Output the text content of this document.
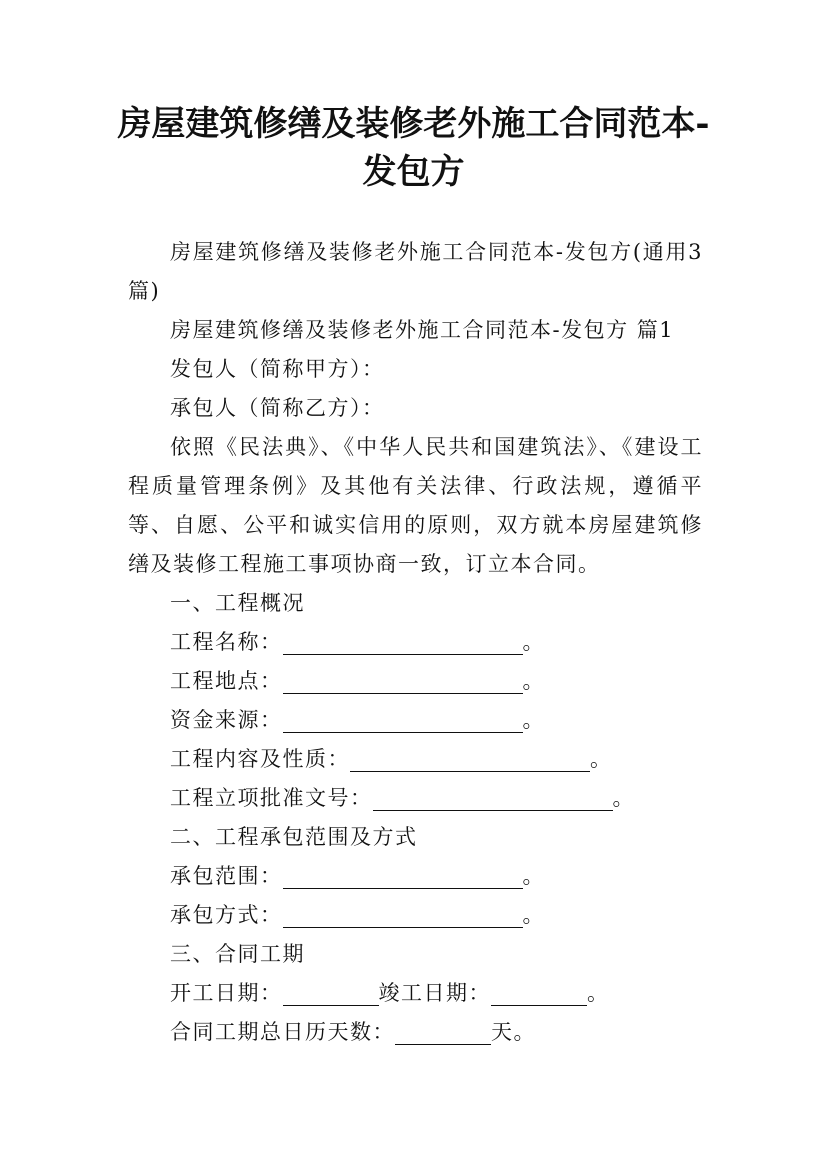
房屋建筑修缮及装修老外施工合同范本-发包方

房屋建筑修缮及装修老外施工合同范本-发包方(通用3篇)

房屋建筑修缮及装修老外施工合同范本-发包方 篇1

发包人（简称甲方）：

承包人（简称乙方）：

依照《民法典》、《中华人民共和国建筑法》、《建设工程质量管理条例》及其他有关法律、行政法规，遵循平等、自愿、公平和诚实信用的原则，双方就本房屋建筑修缮及装修工程施工事项协商一致，订立本合同。

一、工程概况

工程名称：	。

工程地点：	。

资金来源：	。

工程内容及性质：	。

工程立项批准文号：	。

二、工程承包范围及方式

承包范围：	。

承包方式：	。

三、合同工期

开工日期：	竣工日期：	。

合同工期总日历天数：	天。
